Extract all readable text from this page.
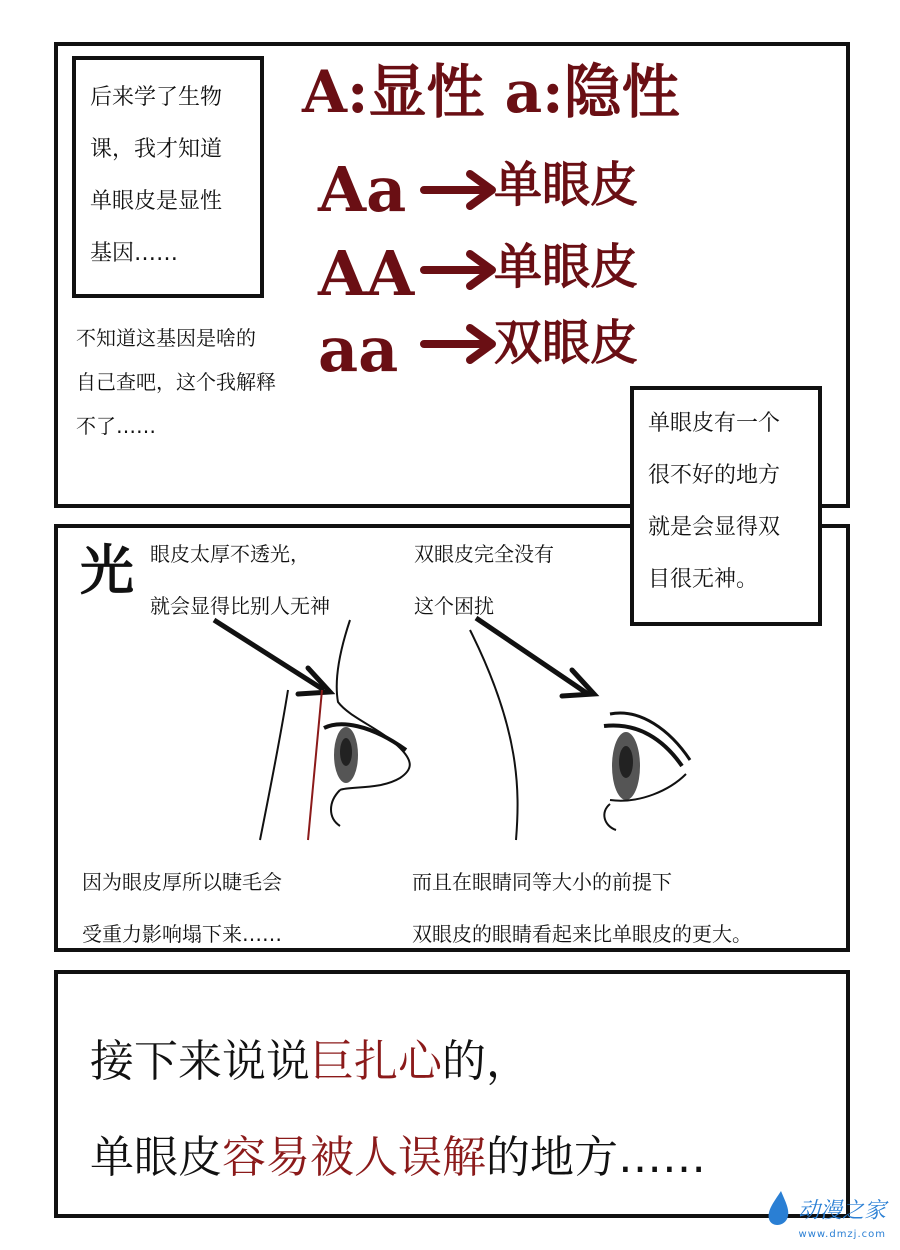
后来学了生物
课，我才知道
单眼皮是显性
基因……
不知道这基因是啥的
自己查吧，这个我解释
不了……
A:显性 a:隐性
Aa 单眼皮
AA 单眼皮
aa 双眼皮
单眼皮有一个
很不好的地方
就是会显得双
目很无神。
光 眼皮太厚不透光，
就会显得比别人无神
双眼皮完全没有
这个困扰
因为眼皮厚所以睫毛会
受重力影响塌下来……
而且在眼睛同等大小的前提下
双眼皮的眼睛看起来比单眼皮的更大。
接下来说说巨扎心的，
单眼皮容易被人误解的地方……
动漫之家
www.dmzj.com
